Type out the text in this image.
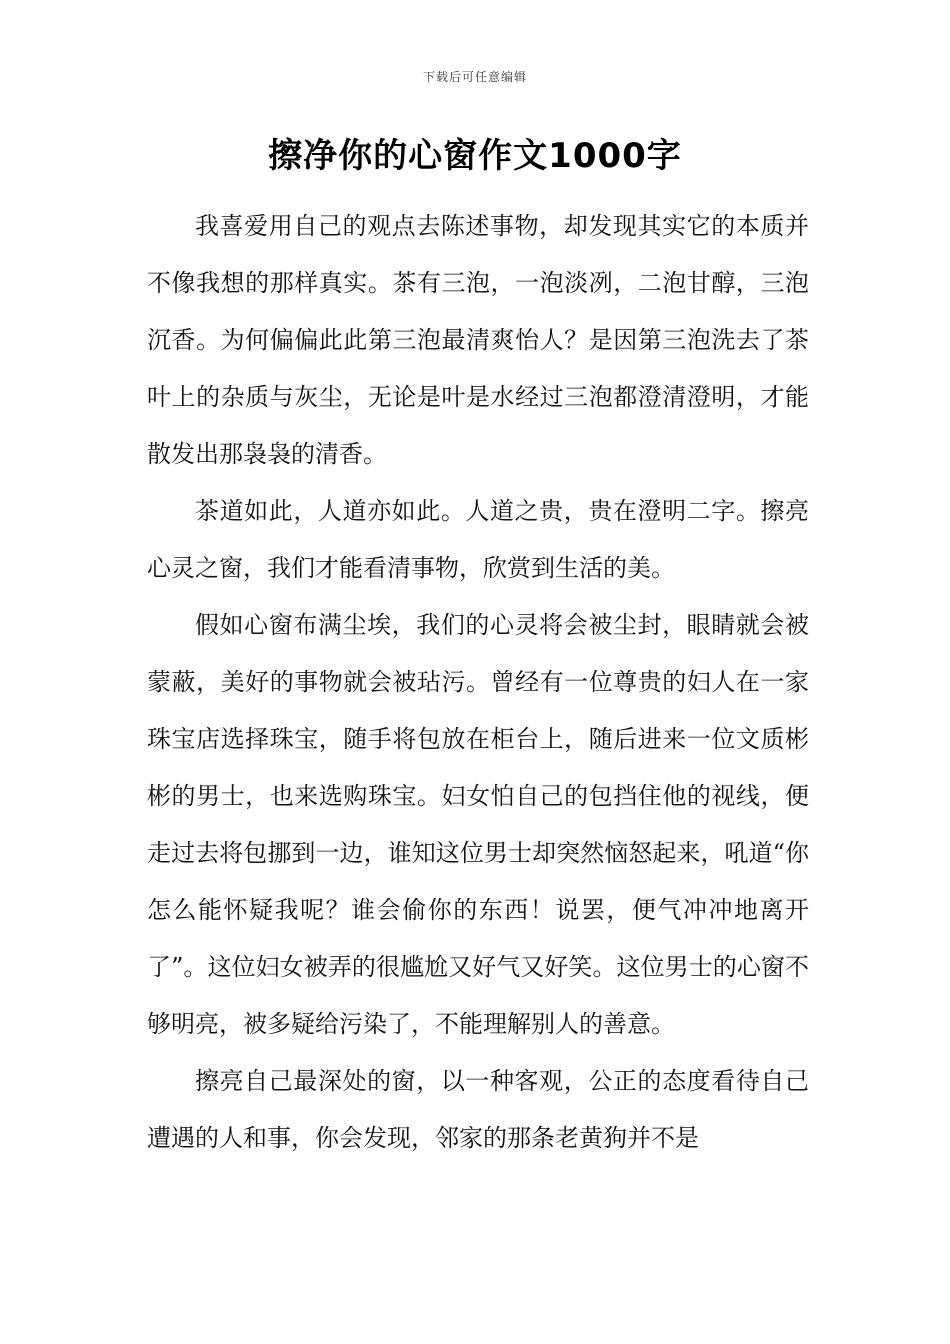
下载后可任意编辑
擦净你的心窗作文1000字

我喜爱用自己的观点去陈述事物，却发现其实它的本质并不像我想的那样真实。茶有三泡，一泡淡冽，二泡甘醇，三泡沉香。为何偏偏此此第三泡最清爽怡人？是因第三泡洗去了茶叶上的杂质与灰尘，无论是叶是水经过三泡都澄清澄明，才能散发出那袅袅的清香。

茶道如此，人道亦如此。人道之贵，贵在澄明二字。擦亮心灵之窗，我们才能看清事物，欣赏到生活的美。

假如心窗布满尘埃，我们的心灵将会被尘封，眼睛就会被蒙蔽，美好的事物就会被玷污。曾经有一位尊贵的妇人在一家珠宝店选择珠宝，随手将包放在柜台上，随后进来一位文质彬彬的男士，也来选购珠宝。妇女怕自己的包挡住他的视线，便走过去将包挪到一边，谁知这位男士却突然恼怒起来，吼道“你怎么能怀疑我呢？谁会偷你的东西！说罢，便气冲冲地离开了”。这位妇女被弄的很尴尬又好气又好笑。这位男士的心窗不够明亮，被多疑给污染了，不能理解别人的善意。

擦亮自己最深处的窗，以一种客观，公正的态度看待自己遭遇的人和事，你会发现，邻家的那条老黄狗并不是
